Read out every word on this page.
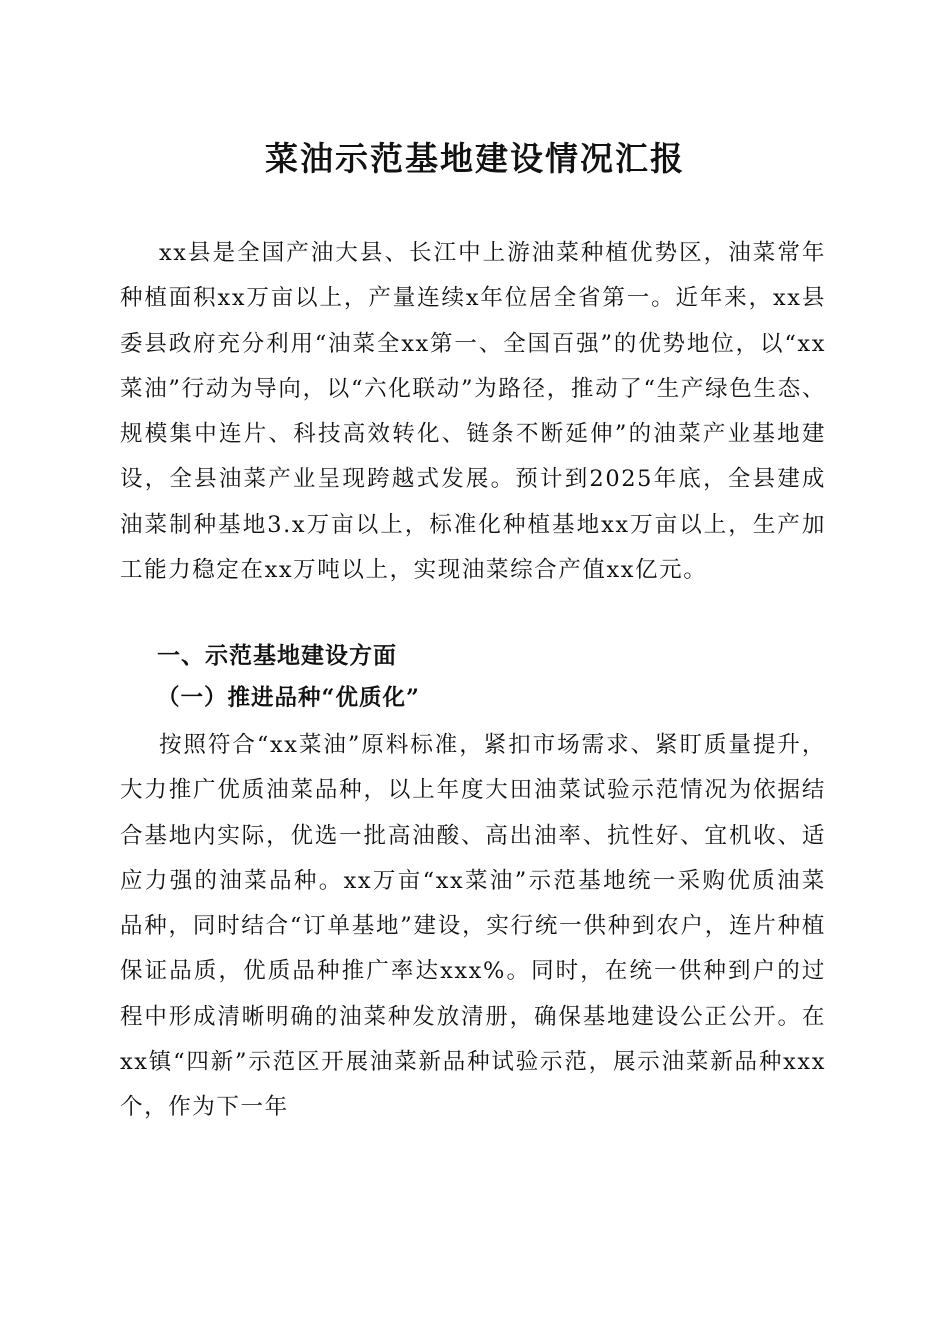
菜油示范基地建设情况汇报

xx县是全国产油大县、长江中上游油菜种植优势区，油菜常年种植面积xx万亩以上，产量连续x年位居全省第一。近年来，xx县委县政府充分利用“油菜全xx第一、全国百强”的优势地位，以“xx菜油”行动为导向，以“六化联动”为路径，推动了“生产绿色生态、规模集中连片、科技高效转化、链条不断延伸”的油菜产业基地建设，全县油菜产业呈现跨越式发展。预计到2025年底，全县建成油菜制种基地3.x万亩以上，标准化种植基地xx万亩以上，生产加工能力稳定在xx万吨以上，实现油菜综合产值xx亿元。

一、示范基地建设方面
（一）推进品种“优质化”

按照符合“xx菜油”原料标准，紧扣市场需求、紧盯质量提升，大力推广优质油菜品种，以上年度大田油菜试验示范情况为依据结合基地内实际，优选一批高油酸、高出油率、抗性好、宜机收、适应力强的油菜品种。xx万亩“xx菜油”示范基地统一采购优质油菜品种，同时结合“订单基地”建设，实行统一供种到农户，连片种植保证品质，优质品种推广率达xxx%。同时，在统一供种到户的过程中形成清晰明确的油菜种发放清册，确保基地建设公正公开。在xx镇“四新”示范区开展油菜新品种试验示范，展示油菜新品种xxx个，作为下一年
